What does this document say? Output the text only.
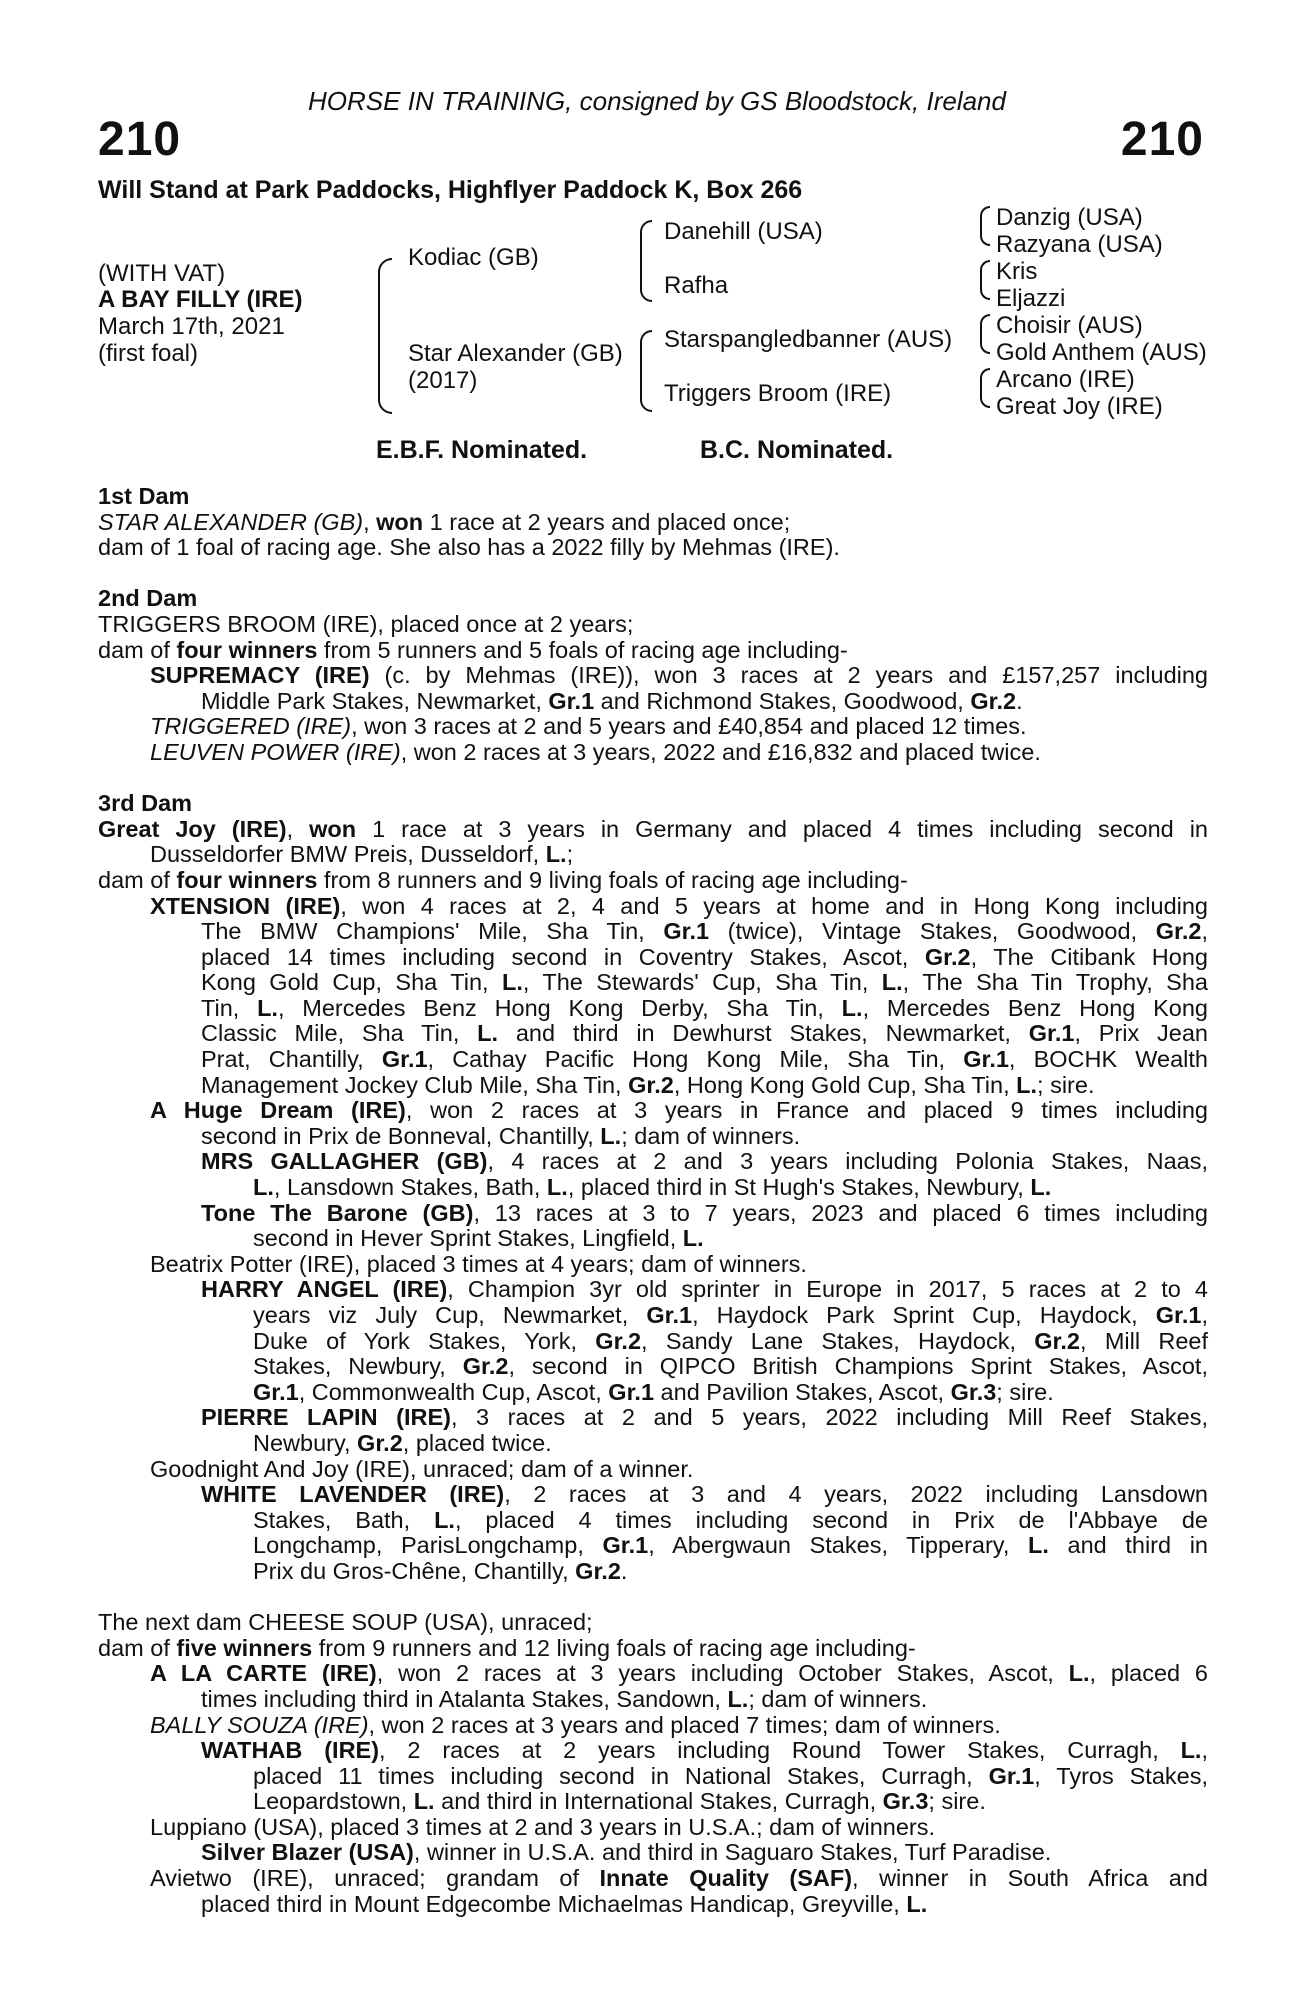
HORSE IN TRAINING, consigned by GS Bloodstock, Ireland
210	210
Will Stand at Park Paddocks, Highflyer Paddock K, Box 266
(WITH VAT)
A BAY FILLY (IRE)
March 17th, 2021
(first foal)
Kodiac (GB)
Star Alexander (GB)
(2017)
Danehill (USA)
Rafha
Starspangledbanner (AUS)
Triggers Broom (IRE)
Danzig (USA)
Razyana (USA)
Kris
Eljazzi
Choisir (AUS)
Gold Anthem (AUS)
Arcano (IRE)
Great Joy (IRE)
E.B.F. Nominated.	B.C. Nominated.
1st Dam
STAR ALEXANDER (GB), won 1 race at 2 years and placed once;
dam of 1 foal of racing age. She also has a 2022 filly by Mehmas (IRE).
2nd Dam
TRIGGERS BROOM (IRE), placed once at 2 years;
dam of four winners from 5 runners and 5 foals of racing age including-
SUPREMACY (IRE) (c. by Mehmas (IRE)), won 3 races at 2 years and £157,257 including
Middle Park Stakes, Newmarket, Gr.1 and Richmond Stakes, Goodwood, Gr.2.
TRIGGERED (IRE), won 3 races at 2 and 5 years and £40,854 and placed 12 times.
LEUVEN POWER (IRE), won 2 races at 3 years, 2022 and £16,832 and placed twice.
3rd Dam
Great Joy (IRE), won 1 race at 3 years in Germany and placed 4 times including second in
Dusseldorfer BMW Preis, Dusseldorf, L.;
dam of four winners from 8 runners and 9 living foals of racing age including-
XTENSION (IRE), won 4 races at 2, 4 and 5 years at home and in Hong Kong including
The BMW Champions' Mile, Sha Tin, Gr.1 (twice), Vintage Stakes, Goodwood, Gr.2,
placed 14 times including second in Coventry Stakes, Ascot, Gr.2, The Citibank Hong
Kong Gold Cup, Sha Tin, L., The Stewards' Cup, Sha Tin, L., The Sha Tin Trophy, Sha
Tin, L., Mercedes Benz Hong Kong Derby, Sha Tin, L., Mercedes Benz Hong Kong
Classic Mile, Sha Tin, L. and third in Dewhurst Stakes, Newmarket, Gr.1, Prix Jean
Prat, Chantilly, Gr.1, Cathay Pacific Hong Kong Mile, Sha Tin, Gr.1, BOCHK Wealth
Management Jockey Club Mile, Sha Tin, Gr.2, Hong Kong Gold Cup, Sha Tin, L.; sire.
A Huge Dream (IRE), won 2 races at 3 years in France and placed 9 times including
second in Prix de Bonneval, Chantilly, L.; dam of winners.
MRS GALLAGHER (GB), 4 races at 2 and 3 years including Polonia Stakes, Naas,
L., Lansdown Stakes, Bath, L., placed third in St Hugh's Stakes, Newbury, L.
Tone The Barone (GB), 13 races at 3 to 7 years, 2023 and placed 6 times including
second in Hever Sprint Stakes, Lingfield, L.
Beatrix Potter (IRE), placed 3 times at 4 years; dam of winners.
HARRY ANGEL (IRE), Champion 3yr old sprinter in Europe in 2017, 5 races at 2 to 4
years viz July Cup, Newmarket, Gr.1, Haydock Park Sprint Cup, Haydock, Gr.1,
Duke of York Stakes, York, Gr.2, Sandy Lane Stakes, Haydock, Gr.2, Mill Reef
Stakes, Newbury, Gr.2, second in QIPCO British Champions Sprint Stakes, Ascot,
Gr.1, Commonwealth Cup, Ascot, Gr.1 and Pavilion Stakes, Ascot, Gr.3; sire.
PIERRE LAPIN (IRE), 3 races at 2 and 5 years, 2022 including Mill Reef Stakes,
Newbury, Gr.2, placed twice.
Goodnight And Joy (IRE), unraced; dam of a winner.
WHITE LAVENDER (IRE), 2 races at 3 and 4 years, 2022 including Lansdown
Stakes, Bath, L., placed 4 times including second in Prix de l'Abbaye de
Longchamp, ParisLongchamp, Gr.1, Abergwaun Stakes, Tipperary, L. and third in
Prix du Gros-Chêne, Chantilly, Gr.2.
The next dam CHEESE SOUP (USA), unraced;
dam of five winners from 9 runners and 12 living foals of racing age including-
A LA CARTE (IRE), won 2 races at 3 years including October Stakes, Ascot, L., placed 6
times including third in Atalanta Stakes, Sandown, L.; dam of winners.
BALLY SOUZA (IRE), won 2 races at 3 years and placed 7 times; dam of winners.
WATHAB (IRE), 2 races at 2 years including Round Tower Stakes, Curragh, L.,
placed 11 times including second in National Stakes, Curragh, Gr.1, Tyros Stakes,
Leopardstown, L. and third in International Stakes, Curragh, Gr.3; sire.
Luppiano (USA), placed 3 times at 2 and 3 years in U.S.A.; dam of winners.
Silver Blazer (USA), winner in U.S.A. and third in Saguaro Stakes, Turf Paradise.
Avietwo (IRE), unraced; grandam of Innate Quality (SAF), winner in South Africa and
placed third in Mount Edgecombe Michaelmas Handicap, Greyville, L.
